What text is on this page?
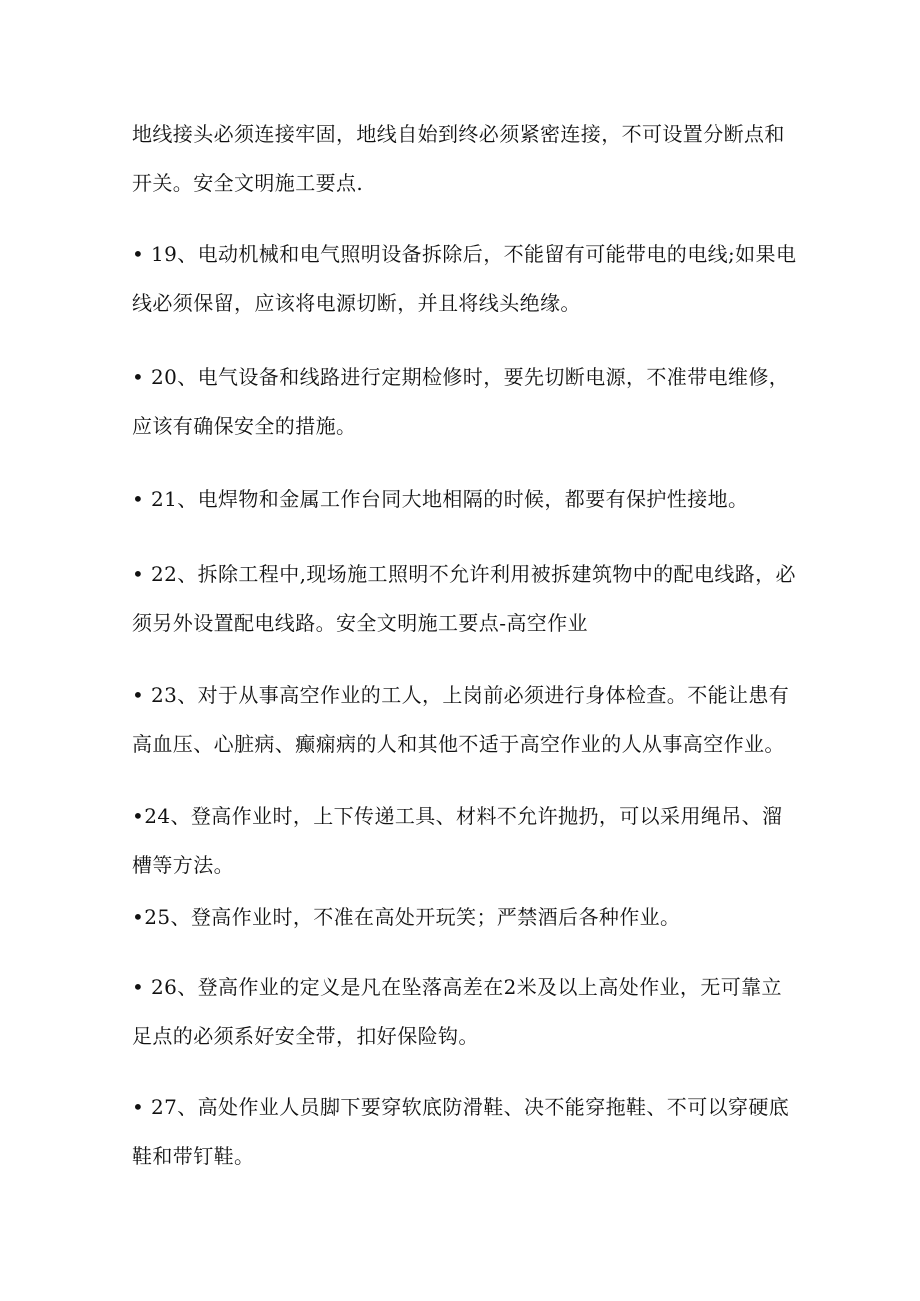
地线接头必须连接牢固，地线自始到终必须紧密连接，不可设置分断点和开关。安全文明施工要点.

• 19、电动机械和电气照明设备拆除后，不能留有可能带电的电线;如果电线必须保留，应该将电源切断，并且将线头绝缘。

• 20、电气设备和线路进行定期检修时，要先切断电源，不准带电维修，应该有确保安全的措施。

• 21、电焊物和金属工作台同大地相隔的时候，都要有保护性接地。

• 22、拆除工程中,现场施工照明不允许利用被拆建筑物中的配电线路，必须另外设置配电线路。安全文明施工要点-高空作业

• 23、对于从事高空作业的工人，上岗前必须进行身体检查。不能让患有高血压、心脏病、癫痫病的人和其他不适于高空作业的人从事高空作业。

•24、登高作业时，上下传递工具、材料不允许抛扔，可以采用绳吊、溜槽等方法。

•25、登高作业时，不准在高处开玩笑；严禁酒后各种作业。

• 26、登高作业的定义是凡在坠落高差在2米及以上高处作业，无可靠立足点的必须系好安全带，扣好保险钩。

• 27、高处作业人员脚下要穿软底防滑鞋、决不能穿拖鞋、不可以穿硬底鞋和带钉鞋。
